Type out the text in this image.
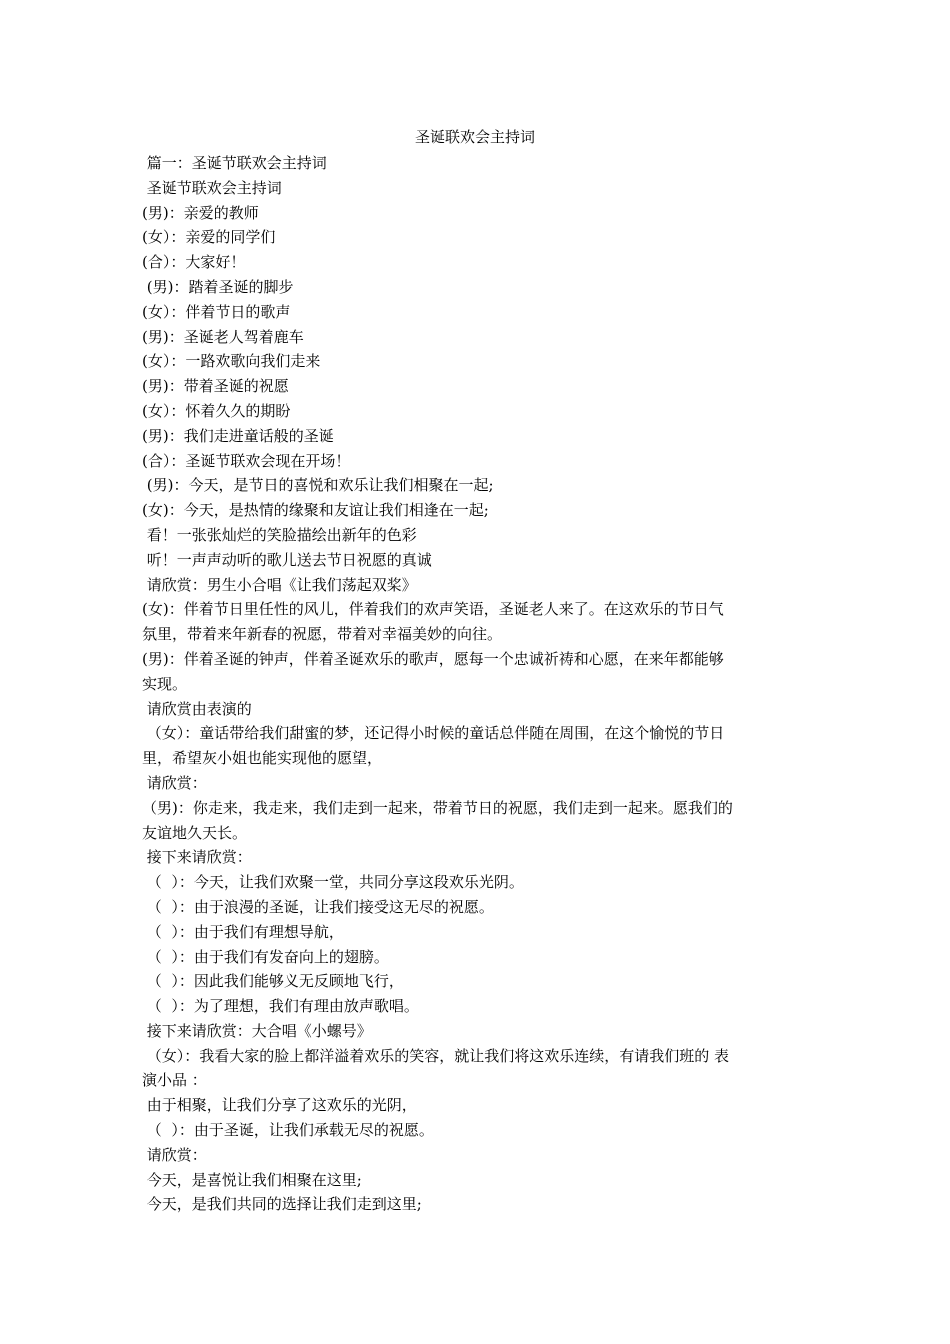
圣诞联欢会主持词
篇一：圣诞节联欢会主持词
圣诞节联欢会主持词
(男)：亲爱的教师
(女）：亲爱的同学们
(合）：大家好！
(男)：踏着圣诞的脚步
(女）：伴着节日的歌声
(男)：圣诞老人驾着鹿车
(女）：一路欢歌向我们走来
(男)：带着圣诞的祝愿
(女）：怀着久久的期盼
(男)：我们走进童话般的圣诞
(合）：圣诞节联欢会现在开场！
(男)：今天，是节日的喜悦和欢乐让我们相聚在一起;
(女)：今天，是热情的缘聚和友谊让我们相逢在一起;
看！一张张灿烂的笑脸描绘出新年的色彩
听！一声声动听的歌儿送去节日祝愿的真诚
请欣赏：男生小合唱《让我们荡起双桨》
(女)：伴着节日里任性的风儿，伴着我们的欢声笑语，圣诞老人来了。在这欢乐的节日气
氛里，带着来年新春的祝愿，带着对幸福美妙的向往。
(男)：伴着圣诞的钟声，伴着圣诞欢乐的歌声，愿每一个忠诚祈祷和心愿，在来年都能够
实现。
请欣赏由表演的
（女）：童话带给我们甜蜜的梦，还记得小时候的童话总伴随在周围，在这个愉悦的节日
里，希望灰小姐也能实现他的愿望，
请欣赏：
（男)：你走来，我走来，我们走到一起来，带着节日的祝愿，我们走到一起来。愿我们的
友谊地久天长。
接下来请欣赏：
（  ）：今天，让我们欢聚一堂，共同分享这段欢乐光阴。
（  ）：由于浪漫的圣诞，让我们接受这无尽的祝愿。
（  ）：由于我们有理想导航，
（  ）：由于我们有发奋向上的翅膀。
（  ）：因此我们能够义无反顾地飞行，
（  ）：为了理想，我们有理由放声歌唱。
接下来请欣赏：大合唱《小螺号》
（女）：我看大家的脸上都洋溢着欢乐的笑容，就让我们将这欢乐连续，有请我们班的 表
演小品 ：
由于相聚，让我们分享了这欢乐的光阴，
（  ）：由于圣诞，让我们承载无尽的祝愿。
请欣赏：
今天，是喜悦让我们相聚在这里;
今天，是我们共同的选择让我们走到这里;
